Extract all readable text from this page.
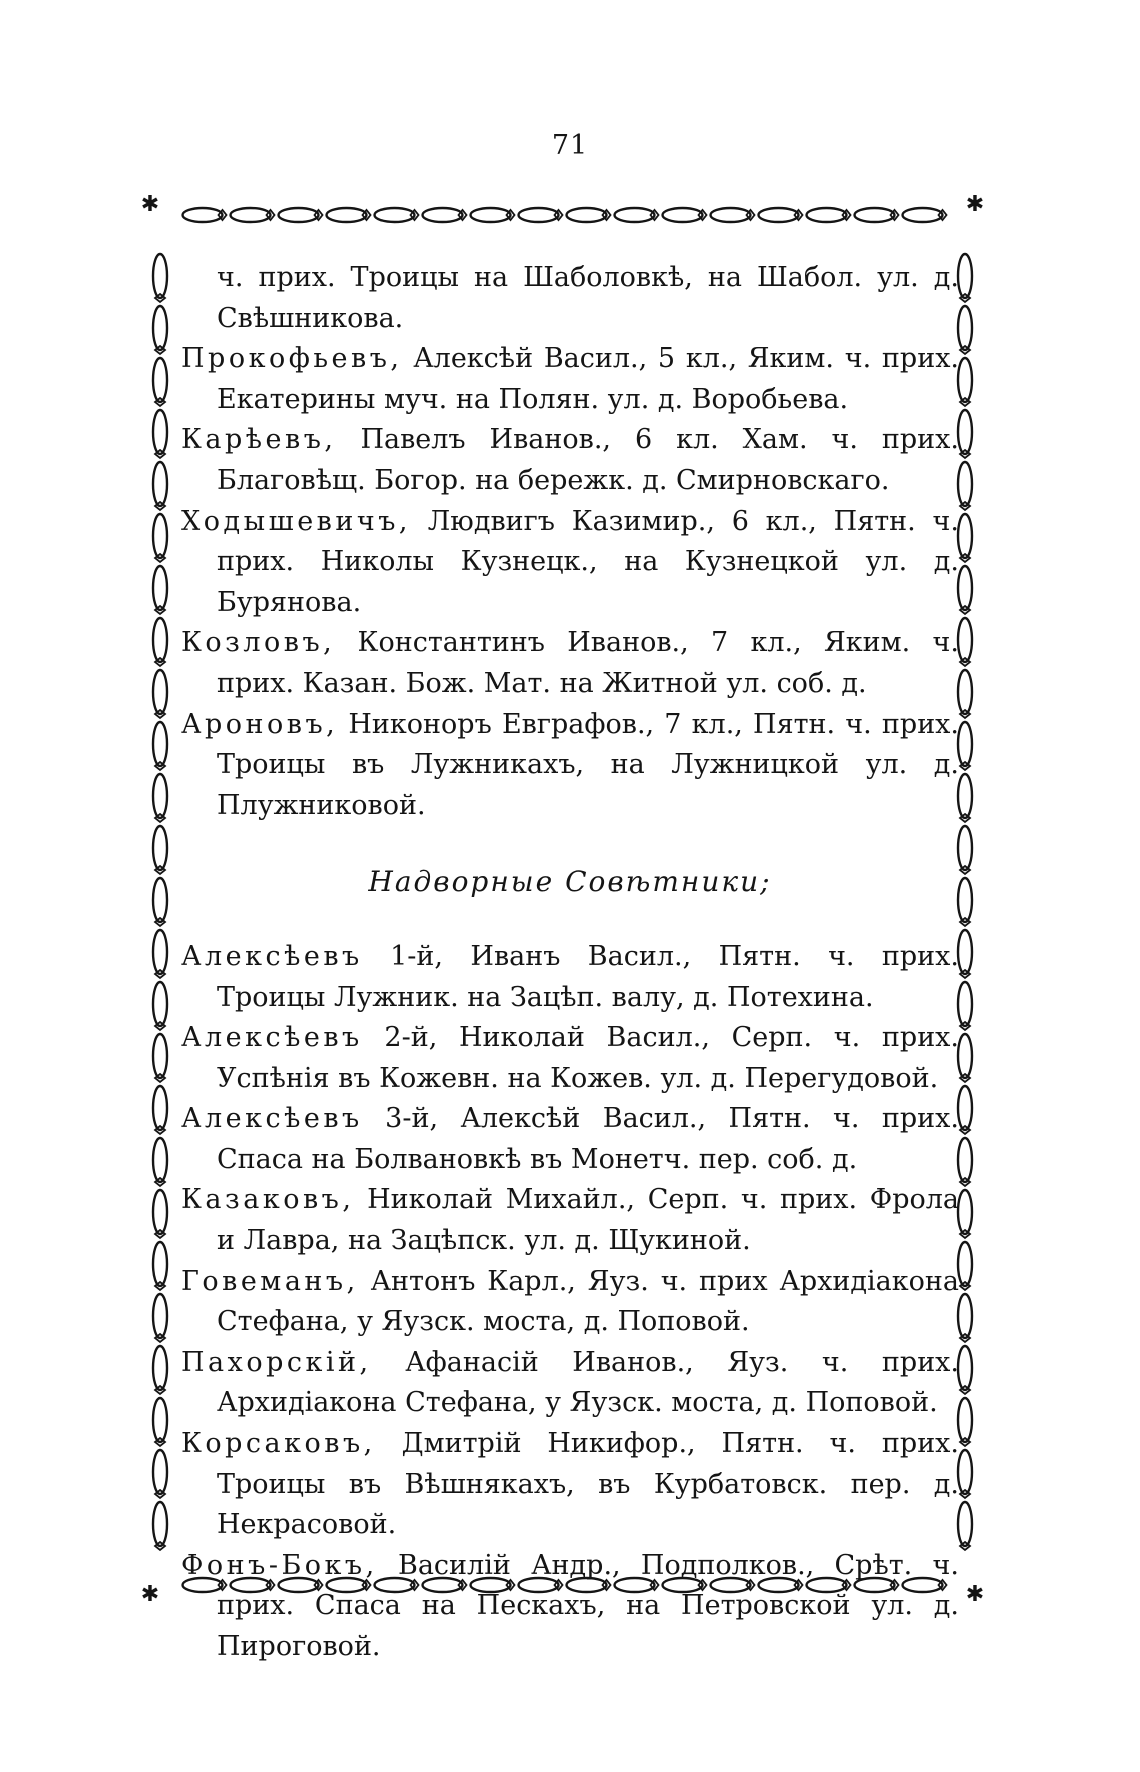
71
✱	✱
✱	✱

ч. прих. Троицы на Шаболовкѣ, на Шабол. ул. д. Свѣшникова.

Прокофьевъ, Алексѣй Васил., 5 кл., Яким. ч. прих. Екатерины муч. на Полян. ул. д. Воробьева.

Карѣевъ, Павелъ Иванов., 6 кл. Хам. ч. прих. Благовѣщ. Богор. на бережк. д. Смирновскаго.

Ходышевичъ, Людвигъ Казимир., 6 кл., Пятн. ч. прих. Николы Кузнецк., на Кузнецкой ул. д. Бурянова.

Козловъ, Константинъ Иванов., 7 кл., Яким. ч. прих. Казан. Бож. Мат. на Житной ул. соб. д.

Ароновъ, Никоноръ Евграфов., 7 кл., Пятн. ч. прих. Троицы въ Лужникахъ, на Лужницкой ул. д. Плужниковой.

Надворные Совѣтники;

Алексѣевъ 1-й, Иванъ Васил., Пятн. ч. прих. Троицы Лужник. на Зацѣп. валу, д. Потехина.

Алексѣевъ 2-й, Николай Васил., Серп. ч. прих. Успѣнія въ Кожевн. на Кожев. ул. д. Перегудовой.

Алексѣевъ 3-й, Алексѣй Васил., Пятн. ч. прих. Спаса на Болвановкѣ въ Монетч. пер. соб. д.

Казаковъ, Николай Михайл., Серп. ч. прих. Фрола и Лавра, на Зацѣпск. ул. д. Щукиной.

Говеманъ, Антонъ Карл., Яуз. ч. прих Архидіакона Стефана, у Яузск. моста, д. Поповой.

Пахорскій, Афанасій Иванов., Яуз. ч. прих. Архидіакона Стефана, у Яузск. моста, д. Поповой.

Корсаковъ, Дмитрій Никифор., Пятн. ч. прих. Троицы въ Вѣшнякахъ, въ Курбатовск. пер. д. Некрасовой.

Фонъ-Бокъ, Василій Андр., Подполков., Срѣт. ч. прих. Спаса на Пескахъ, на Петровской ул. д. Пироговой.
